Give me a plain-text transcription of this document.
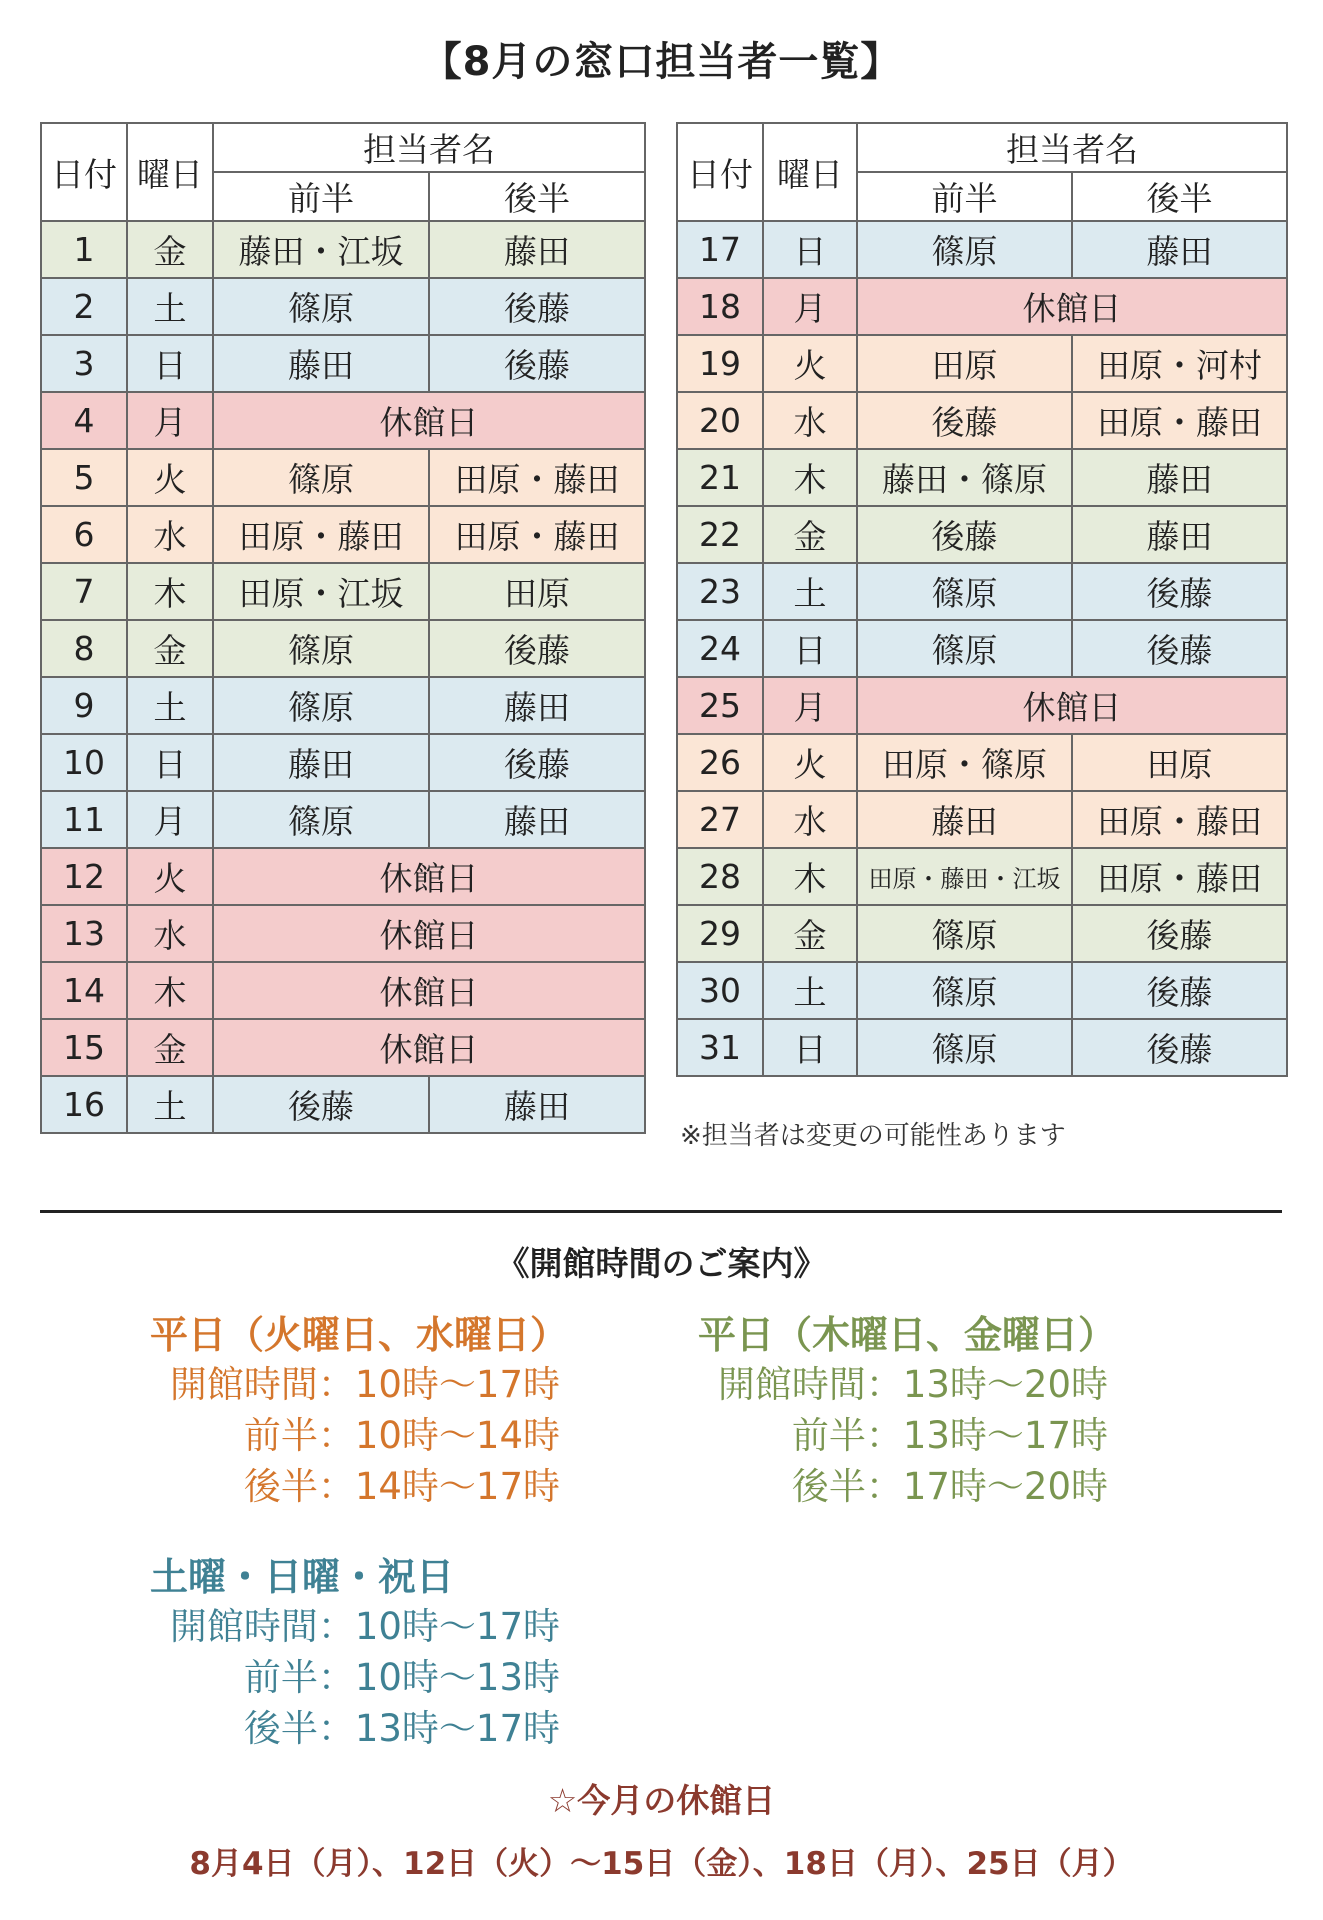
【8月の窓口担当者一覧】
日付	曜日	担当者名	
		前半	後半
1	金	藤田・江坂	藤田
2	土	篠原	後藤
3	日	藤田	後藤
4	月	休館日	
5	火	篠原	田原・藤田
6	水	田原・藤田	田原・藤田
7	木	田原・江坂	田原
8	金	篠原	後藤
9	土	篠原	藤田
10	日	藤田	後藤
11	月	篠原	藤田
12	火	休館日	
13	水	休館日	
14	木	休館日	
15	金	休館日	
16	土	後藤	藤田
日付	曜日	担当者名	
		前半	後半
17	日	篠原	藤田
18	月	休館日	
19	火	田原	田原・河村
20	水	後藤	田原・藤田
21	木	藤田・篠原	藤田
22	金	後藤	藤田
23	土	篠原	後藤
24	日	篠原	後藤
25	月	休館日	
26	火	田原・篠原	田原
27	水	藤田	田原・藤田
28	木	田原・藤田・江坂	田原・藤田
29	金	篠原	後藤
30	土	篠原	後藤
31	日	篠原	後藤
※担当者は変更の可能性あります
《開館時間のご案内》
平日（火曜日、水曜日）
開館時間：10時～17時
前半：10時～14時
後半：14時～17時
平日（木曜日、金曜日）
開館時間：13時～20時
前半：13時～17時
後半：17時～20時
土曜・日曜・祝日
開館時間：10時～17時
前半：10時～13時
後半：13時～17時
☆今月の休館日
8月4日（月）、12日（火）～15日（金）、18日（月）、25日（月）
